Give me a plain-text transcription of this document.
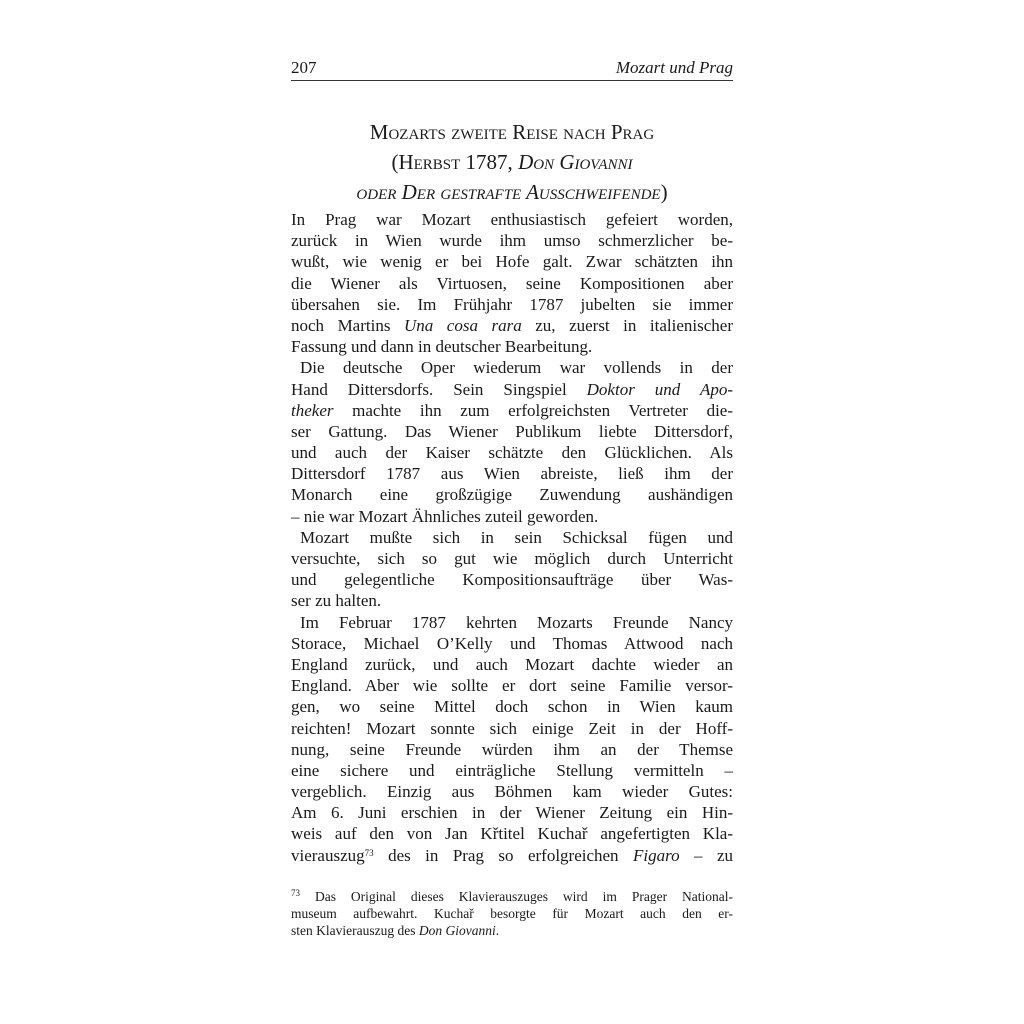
207	Mozart und Prag
Mozarts zweite Reise nach Prag
(Herbst 1787, Don Giovanni
oder Der gestrafte Ausschweifende)
In Prag war Mozart enthusiastisch gefeiert worden,
zurück in Wien wurde ihm umso schmerzlicher be-
wußt, wie wenig er bei Hofe galt. Zwar schätzten ihn
die Wiener als Virtuosen, seine Kompositionen aber
übersahen sie. Im Frühjahr 1787 jubelten sie immer
noch Martins Una cosa rara zu, zuerst in italienischer
Fassung und dann in deutscher Bearbeitung.
Die deutsche Oper wiederum war vollends in der
Hand Dittersdorfs. Sein Singspiel Doktor und Apo-
theker machte ihn zum erfolgreichsten Vertreter die-
ser Gattung. Das Wiener Publikum liebte Dittersdorf,
und auch der Kaiser schätzte den Glücklichen. Als
Dittersdorf 1787 aus Wien abreiste, ließ ihm der
Monarch eine großzügige Zuwendung aushändigen
– nie war Mozart Ähnliches zuteil geworden.
Mozart mußte sich in sein Schicksal fügen und
versuchte, sich so gut wie möglich durch Unterricht
und gelegentliche Kompositionsaufträge über Was-
ser zu halten.
Im Februar 1787 kehrten Mozarts Freunde Nancy
Storace, Michael O’Kelly und Thomas Attwood nach
England zurück, und auch Mozart dachte wieder an
England. Aber wie sollte er dort seine Familie versor-
gen, wo seine Mittel doch schon in Wien kaum
reichten! Mozart sonnte sich einige Zeit in der Hoff-
nung, seine Freunde würden ihm an der Themse
eine sichere und einträgliche Stellung vermitteln –
vergeblich. Einzig aus Böhmen kam wieder Gutes:
Am 6. Juni erschien in der Wiener Zeitung ein Hin-
weis auf den von Jan Křtitel Kuchař angefertigten Kla-
vierauszug$^{73}$ des in Prag so erfolgreichen Figaro – zu
$^{73}$ Das Original dieses Klavierauszuges wird im Prager National-
museum aufbewahrt. Kuchař besorgte für Mozart auch den er-
sten Klavierauszug des Don Giovanni.
